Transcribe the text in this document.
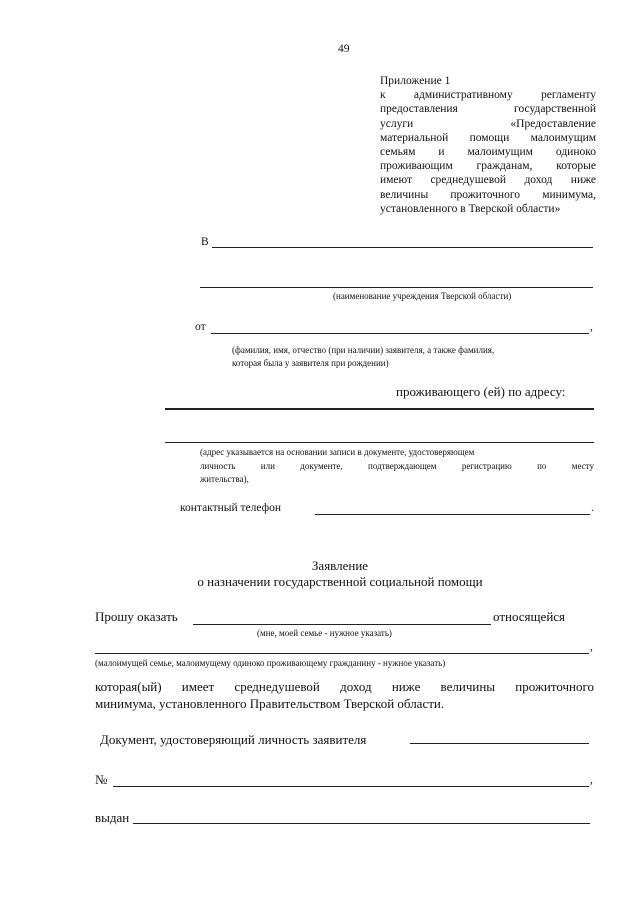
49
Приложение 1
к административному регламенту
предоставления государственной
услуги «Предоставление
материальной помощи малоимущим
семьям и малоимущим одиноко
проживающим гражданам, которые
имеют среднедушевой доход ниже
величины прожиточного минимума,
установленного в Тверской области»
В
(наименование учреждения Тверской области)
от	,
(фамилия, имя, отчество (при наличии) заявителя, а также фамилия,
которая была у заявителя при рождении)
проживающего (ей) по адресу:
(адрес указывается на основании записи в документе, удостоверяющем
личность или документе, подтверждающем регистрацию по месту
жительства),
контактный телефон	.
Заявление
о назначении государственной социальной помощи
Прошу оказать	относящейся
(мне, моей семье - нужное указать)
,
(малоимущей семье, малоимущему одиноко проживающему гражданину - нужное указать)
которая(ый) имеет среднедушевой доход ниже величины прожиточного
минимума, установленного Правительством Тверской области.
Документ, удостоверяющий личность заявителя
№	,
выдан
